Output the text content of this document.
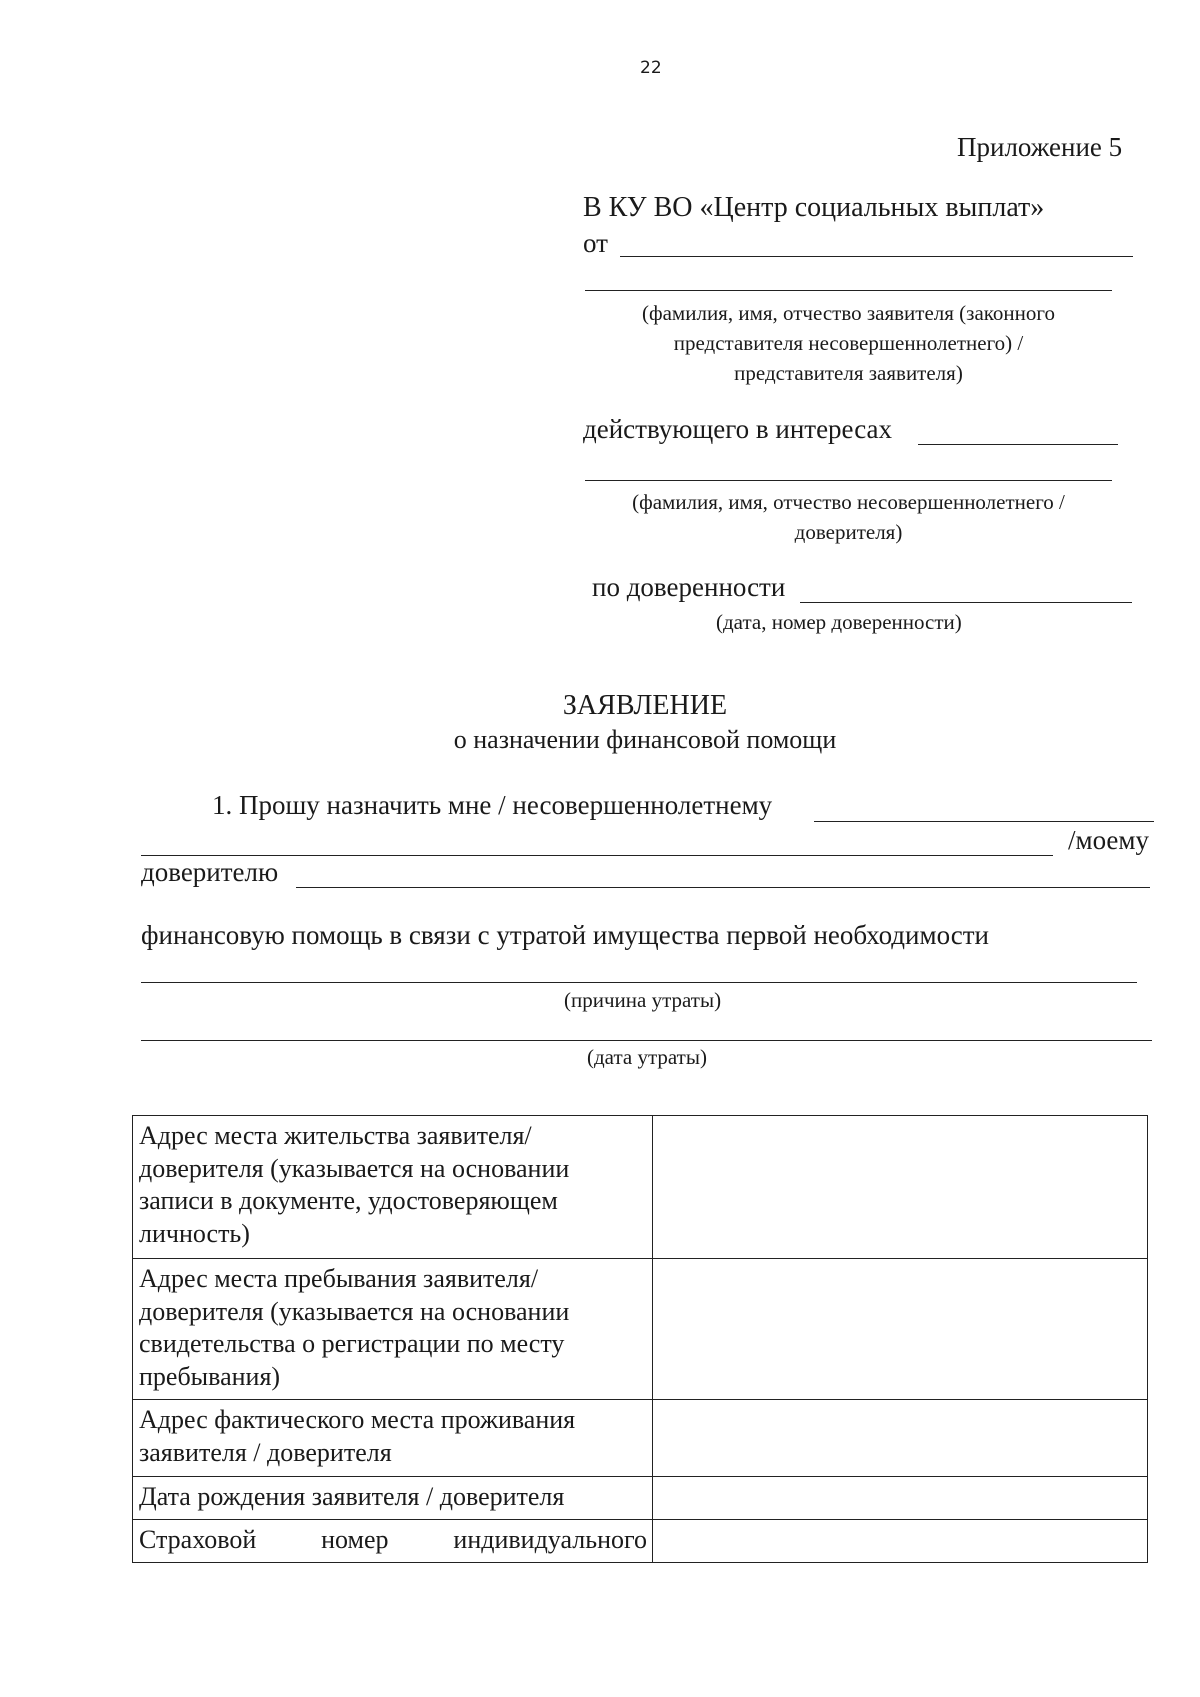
22
Приложение 5
В КУ ВО «Центр социальных выплат»
от
(фамилия, имя, отчество заявителя (законного
представителя несовершеннолетнего) /
представителя заявителя)
действующего в интересах
(фамилия, имя, отчество несовершеннолетнего /
доверителя)
по доверенности
(дата, номер доверенности)
ЗАЯВЛЕНИЕ
о назначении финансовой помощи
1. Прошу назначить мне / несовершеннолетнему
/моему
доверителю
финансовую помощь в связи с утратой имущества первой необходимости
(причина утраты)
(дата утраты)
Адрес места жительства заявителя/ доверителя (указывается на основании записи в документе, удостоверяющем личность)	
Адрес места пребывания заявителя/ доверителя (указывается на основании свидетельства о регистрации по месту пребывания)	
Адрес фактического места проживания заявителя / доверителя	
Дата рождения заявителя / доверителя	

Страховой номер индивидуального	
